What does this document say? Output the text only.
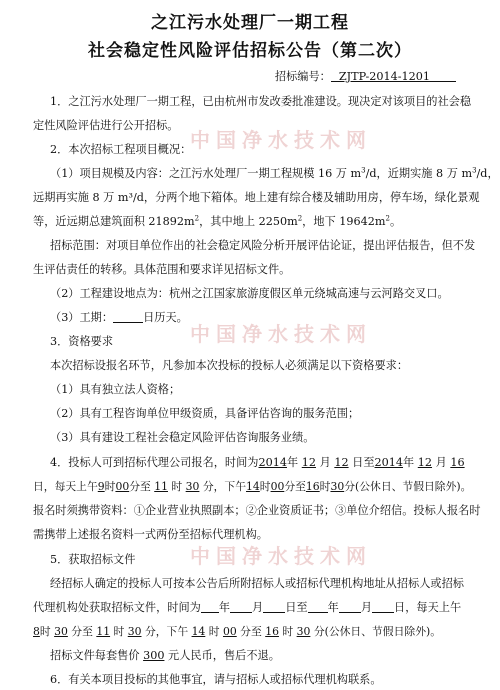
中国净水技术网
中国净水技术网
中国净水技术网
之江污水处理厂一期工程
社会稳定性风险评估招标公告（第二次）
招标编号： ZJTP-2014-1201
1．之江污水处理厂一期工程，已由杭州市发改委批准建设。现决定对该项目的社会稳
定性风险评估进行公开招标。
2．本次招标工程项目概况：
（1）项目规模及内容：之江污水处理厂一期工程规模 16 万 $m^3/d$，近期实施 8 万 $m^3/d$，
远期再实施 8 万 m³/d，分两个地下箱体。地上建有综合楼及辅助用房，停车场，绿化景观
等，近远期总建筑面积 $21892m^2$，其中地上 $2250m^2$，地下 $19642m^2$。
招标范围：对项目单位作出的社会稳定风险分析开展评估论证，提出评估报告，但不发
生评估责任的转移。具体范围和要求详见招标文件。
（2）工程建设地点为：杭州之江国家旅游度假区单元绕城高速与云河路交叉口。
（3）工期：	日历天。
3．资格要求
本次招标设报名环节，凡参加本次投标的投标人必须满足以下资格要求：
（1）具有独立法人资格；
（2）具有工程咨询单位甲级资质，具备评估咨询的服务范围；
（3）具有建设工程社会稳定风险评估咨询服务业绩。
4．投标人可到招标代理公司报名，时间为2014年 12 月 12 日至2014年 12 月 16
日，每天上午9时00分至 11 时 30 分，下午14时00分至16时30分(公休日、节假日除外)。
报名时须携带资料：①企业营业执照副本；②企业资质证书；③单位介绍信。投标人报名时
需携带上述报名资料一式两份至招标代理机构。
5．获取招标文件
经招标人确定的投标人可按本公告后所附招标人或招标代理机构地址从招标人或招标
代理机构处获取招标文件，时间为 年 月 日至 年 月 日，每天上午
8时 30 分至 11 时 30 分，下午 14 时 00 分至 16 时 30 分(公休日、节假日除外)。
招标文件每套售价 300 元人民币，售后不退。
6．有关本项目投标的其他事宜，请与招标人或招标代理机构联系。
